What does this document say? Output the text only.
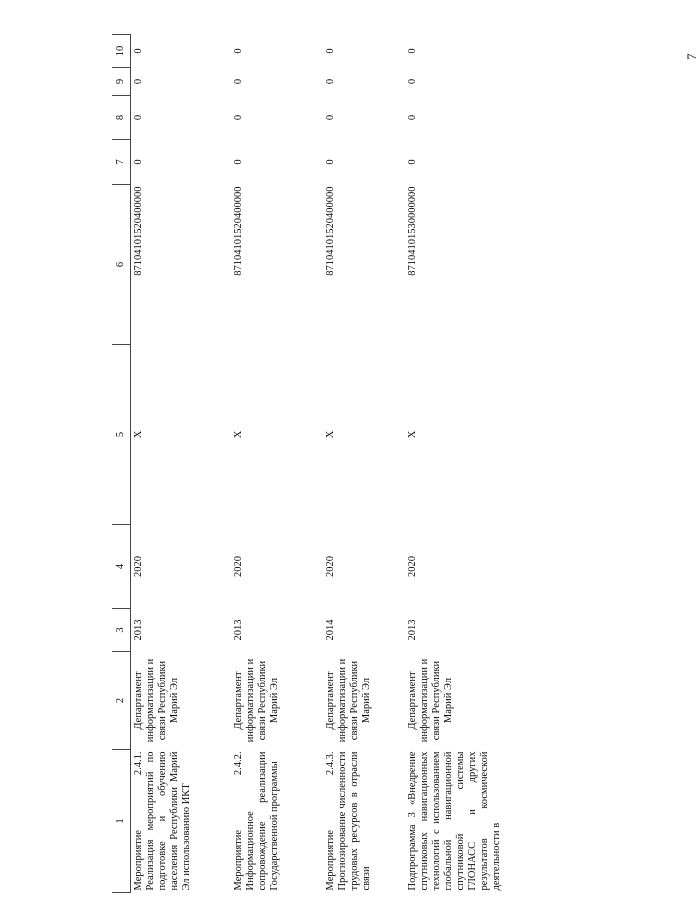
7
1	2	3	4	5	6	7	8	9	10
Мероприятие 2.4.1. Реализация мероприятий по подготовке и обучению населения Республики Марий Эл использованию ИКТ	Департамент информатизации и связи Республики Марий Эл	2013	2020	X	87104101520400000	0	0	0	0
Мероприятие 2.4.2. Информационное сопровождение реализации Государственной программы	Департамент информатизации и связи Республики Марий Эл	2013	2020	X	87104101520400000	0	0	0	0
Мероприятие 2.4.3. Прогнозирование численности трудовых ресурсов в отрасли связи	Департамент информатизации и связи Республики Марий Эл	2014	2020	X	87104101520400000	0	0	0	0
Подпрограмма 3 «Внедрение спутниковых навигационных технологий с использованием глобальной навигационной спутниковой системы ГЛОНАСС и других результатов космической деятельности в	Департамент информатизации и связи Республики Марий Эл	2013	2020	X	87104101530000000	0	0	0	0
